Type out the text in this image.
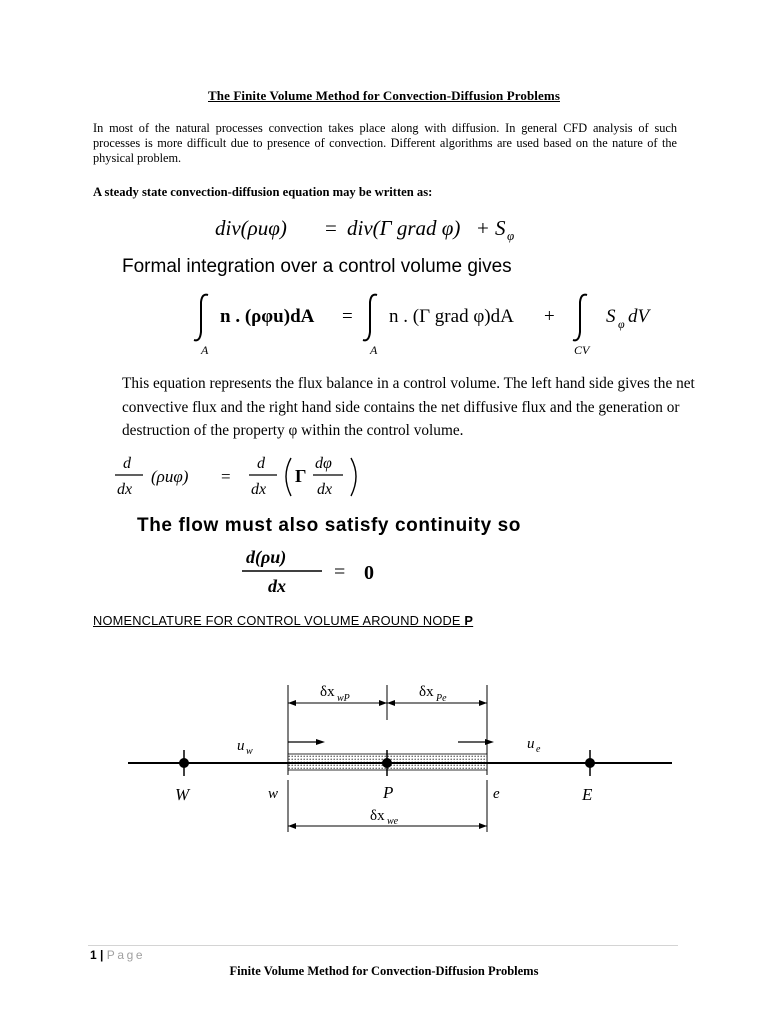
The Finite Volume Method for Convection-Diffusion Problems
In most of the natural processes convection takes place along with diffusion. In general CFD analysis of such processes is more difficult due to presence of convection. Different algorithms are used based on the nature of the physical problem.
A steady state convection-diffusion equation may be written as:
div(ρuφ) = div(Γ grad φ) + S φ
Formal integration over a control volume gives
n . (ρφu)dA
A
= n . (Γ grad φ)dA
A
+	S φ dV
CV
This equation represents the flux balance in a control volume. The left hand side gives the net convective flux and the right hand side contains the net diffusive flux and the generation or destruction of the property φ within the control volume.
d
dx
(ρuφ) =
d
dx
Γ
dφ
dx
The flow must also satisfy continuity so
d(ρu)
dx
= 0
NOMENCLATURE FOR CONTROL VOLUME AROUND NODE P
δx wP	δx Pe
u w	u e
W	w	P	e	E
δx we
1 | Page
Finite Volume Method for Convection-Diffusion Problems
